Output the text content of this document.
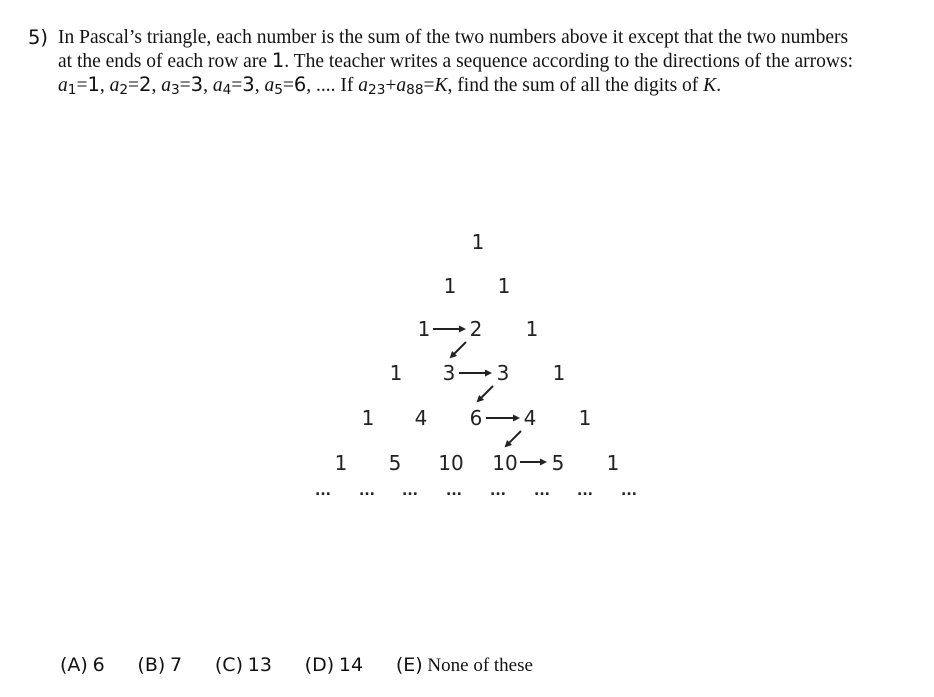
5) In Pascal’s triangle, each number is the sum of the two numbers above it except that the two numbers
at the ends of each row are 1. The teacher writes a sequence according to the directions of the arrows:
$a_1=1$, $a_2=2$, $a_3=3$, $a_4=3$, $a_5=6$, .... If $a_{23}+a_{88}=K$, find the sum of all the digits of K.
1
1 1
1 2 1
1 3 3 1
1 4 6 4 1
1 5 10 10 5 1
... ... ... ... ... ... ... ...
(A) 6 (B) 7 (C) 13 (D) 14 (E) None of these
